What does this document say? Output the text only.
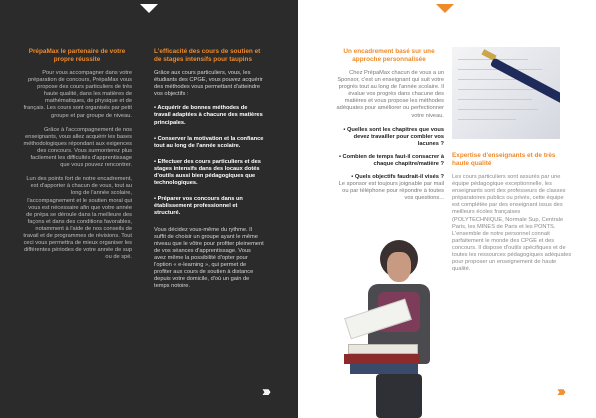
PrépaMax le partenaire de votre propre réussite
Pour vous accompagner dans votre préparation de concours, PrépaMax vous propose des cours particuliers de très haute qualité, dans les matières de mathématiques, de physique et de français. Les cours sont organisés par petit groupe et par groupe de niveau.
Grâce à l'accompagnement de nos enseignants, vous allez acquérir les bases méthodologiques répondant aux exigences des concours. Vous surmonterez plus facilement les difficultés d'apprentissage que vous pouvez rencontrer.
Lun des points fort de notre encadrement, est d'apporter à chacun de vous, tout au long de l'année scolaire, l'accompagnement et le soutien moral qui vous est nécessaire afin que votre année de prépa se déroule dans la meilleure des façons et dans des conditions favorables, notamment à l'aide de nos conseils de travail et de programmes de révisions. Tout ceci vous permettra de mieux organiser les différentes périodes de votre année de sup ou de spé.
L'efficacité des cours de soutien et de stages intensifs pour taupins
Grâce aux cours particuliers, vous, les étudiants des CPGE, vous pouvez acquérir des méthodes vous permettant d'atteindre vos objectifs :
• Acquérir de bonnes méthodes de travail adaptées à chacune des matières principales.
• Conserver la motivation et la confiance tout au long de l'année scolaire.
• Effectuer des cours particuliers et des stages intensifs dans des locaux dotés d'outils aussi bien pédagogiques que technologiques.
• Préparer vos concours dans un établissement professionnel et structuré.
Vous décidez vous-même du rythme. Il suffit de choisir un groupe ayant le même niveau que le vôtre pour profiter pleinement de vos séances d'apprentissage. Vous avez même la possibilité d'opter pour l'option « e-learning », qui permet de profiter aux cours de soutien à distance depuis votre domicile, d'où un gain de temps notoire.
Un encadrement basé sur une approche personnalisée
Chez PrépaMax chacun de vous a un Sponsor, c'est un enseignant qui suit votre progrès tout au long de l'année scolaire. Il évalue vos progrès dans chacune des matières et vous propose les méthodes adéquates pour améliorer ou perfectionner votre niveau.
• Quelles sont les chapitres que vous devez travailler pour combler vos lacunes ?
• Combien de temps faut-il consacrer à chaque chapitre/matière ?
• Quels objectifs faudrait-il visés ?
Le sponsor est toujours joignable par mail ou par téléphone pour répondre à toutes vos questions...
Expertise d'enseignants et de très haute qualité
Les cours particuliers sont assurés par une équipe pédagogique exceptionnelle, les enseignants sont des professeurs de classes préparatoires publics ou privés, cette équipe est complétée par des enseignant issus des meilleurs écoles françaises (POLYTECHNIQUE, Normale Sup, Centrale Paris, les MINES de Paris et les PONTS. L'ensemble de notre personnel connait parfaitement le monde des CPGE et des concours. Il dispose d'outils spécifiques et de toutes les ressources pédagogiques adéquates pour proposer un enseignement de haute qualité.
›››	›››
